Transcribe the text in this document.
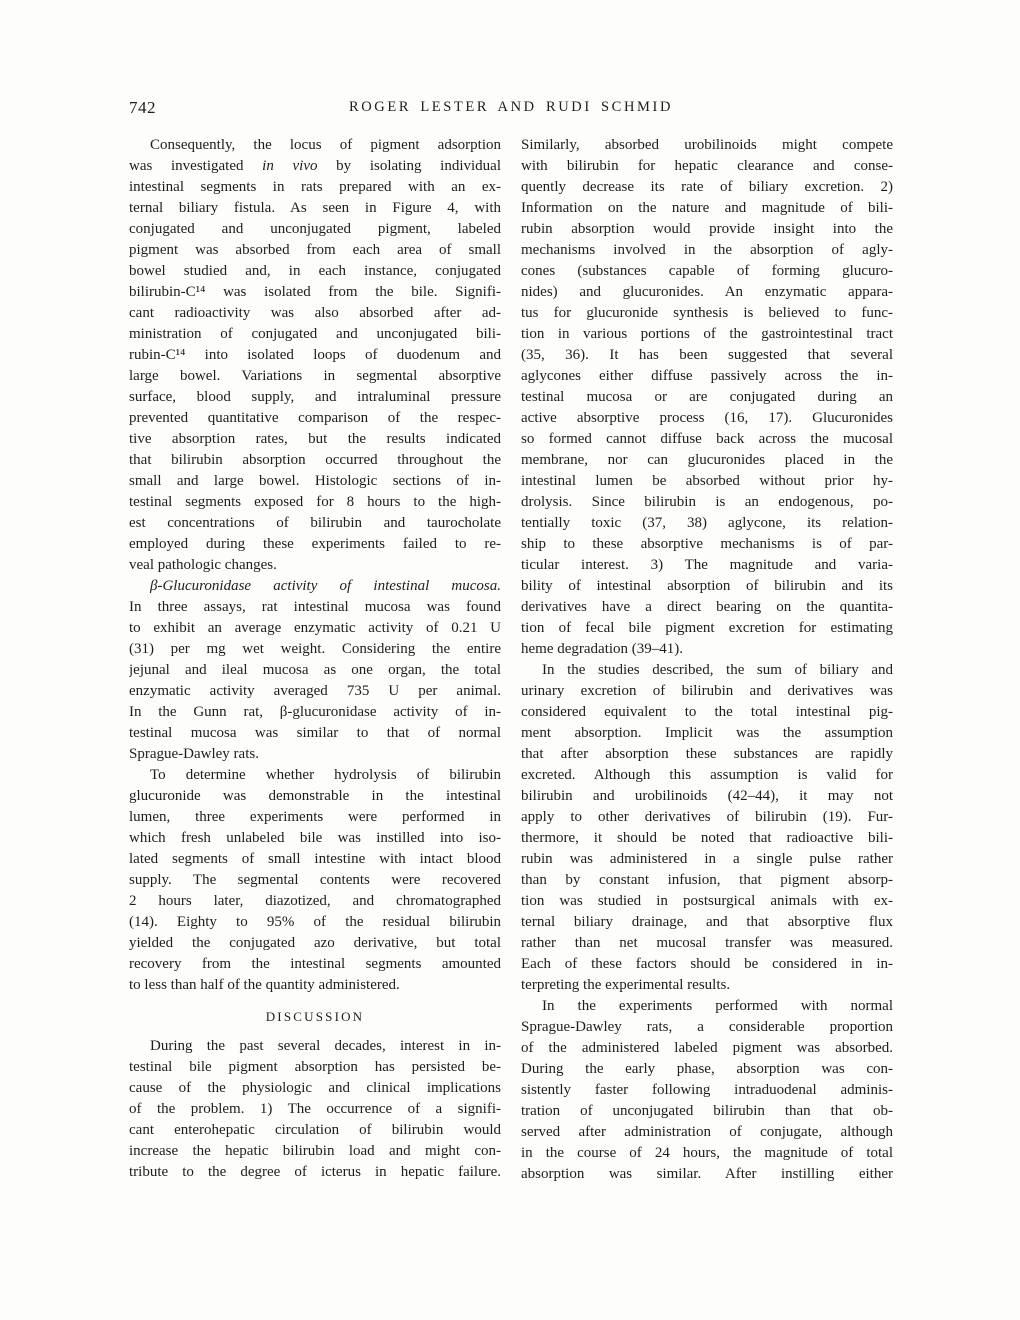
742	ROGER LESTER AND RUDI SCHMID
Consequently, the locus of pigment adsorption
was investigated in vivo by isolating individual
intestinal segments in rats prepared with an ex-
ternal biliary fistula. As seen in Figure 4, with
conjugated and unconjugated pigment, labeled
pigment was absorbed from each area of small
bowel studied and, in each instance, conjugated
bilirubin-C¹⁴ was isolated from the bile. Signifi-
cant radioactivity was also absorbed after ad-
ministration of conjugated and unconjugated bili-
rubin-C¹⁴ into isolated loops of duodenum and
large bowel. Variations in segmental absorptive
surface, blood supply, and intraluminal pressure
prevented quantitative comparison of the respec-
tive absorption rates, but the results indicated
that bilirubin absorption occurred throughout the
small and large bowel. Histologic sections of in-
testinal segments exposed for 8 hours to the high-
est concentrations of bilirubin and taurocholate
employed during these experiments failed to re-
veal pathologic changes.
β-Glucuronidase activity of intestinal mucosa.
In three assays, rat intestinal mucosa was found
to exhibit an average enzymatic activity of 0.21 U
(31) per mg wet weight. Considering the entire
jejunal and ileal mucosa as one organ, the total
enzymatic activity averaged 735 U per animal.
In the Gunn rat, β-glucuronidase activity of in-
testinal mucosa was similar to that of normal
Sprague-Dawley rats.
To determine whether hydrolysis of bilirubin
glucuronide was demonstrable in the intestinal
lumen, three experiments were performed in
which fresh unlabeled bile was instilled into iso-
lated segments of small intestine with intact blood
supply. The segmental contents were recovered
2 hours later, diazotized, and chromatographed
(14). Eighty to 95% of the residual bilirubin
yielded the conjugated azo derivative, but total
recovery from the intestinal segments amounted
to less than half of the quantity administered.
DISCUSSION
During the past several decades, interest in in-
testinal bile pigment absorption has persisted be-
cause of the physiologic and clinical implications
of the problem. 1) The occurrence of a signifi-
cant enterohepatic circulation of bilirubin would
increase the hepatic bilirubin load and might con-
tribute to the degree of icterus in hepatic failure.
Similarly, absorbed urobilinoids might compete
with bilirubin for hepatic clearance and conse-
quently decrease its rate of biliary excretion. 2)
Information on the nature and magnitude of bili-
rubin absorption would provide insight into the
mechanisms involved in the absorption of agly-
cones (substances capable of forming glucuro-
nides) and glucuronides. An enzymatic appara-
tus for glucuronide synthesis is believed to func-
tion in various portions of the gastrointestinal tract
(35, 36). It has been suggested that several
aglycones either diffuse passively across the in-
testinal mucosa or are conjugated during an
active absorptive process (16, 17). Glucuronides
so formed cannot diffuse back across the mucosal
membrane, nor can glucuronides placed in the
intestinal lumen be absorbed without prior hy-
drolysis. Since bilirubin is an endogenous, po-
tentially toxic (37, 38) aglycone, its relation-
ship to these absorptive mechanisms is of par-
ticular interest. 3) The magnitude and varia-
bility of intestinal absorption of bilirubin and its
derivatives have a direct bearing on the quantita-
tion of fecal bile pigment excretion for estimating
heme degradation (39–41).
In the studies described, the sum of biliary and
urinary excretion of bilirubin and derivatives was
considered equivalent to the total intestinal pig-
ment absorption. Implicit was the assumption
that after absorption these substances are rapidly
excreted. Although this assumption is valid for
bilirubin and urobilinoids (42–44), it may not
apply to other derivatives of bilirubin (19). Fur-
thermore, it should be noted that radioactive bili-
rubin was administered in a single pulse rather
than by constant infusion, that pigment absorp-
tion was studied in postsurgical animals with ex-
ternal biliary drainage, and that absorptive flux
rather than net mucosal transfer was measured.
Each of these factors should be considered in in-
terpreting the experimental results.
In the experiments performed with normal
Sprague-Dawley rats, a considerable proportion
of the administered labeled pigment was absorbed.
During the early phase, absorption was con-
sistently faster following intraduodenal adminis-
tration of unconjugated bilirubin than that ob-
served after administration of conjugate, although
in the course of 24 hours, the magnitude of total
absorption was similar. After instilling either
